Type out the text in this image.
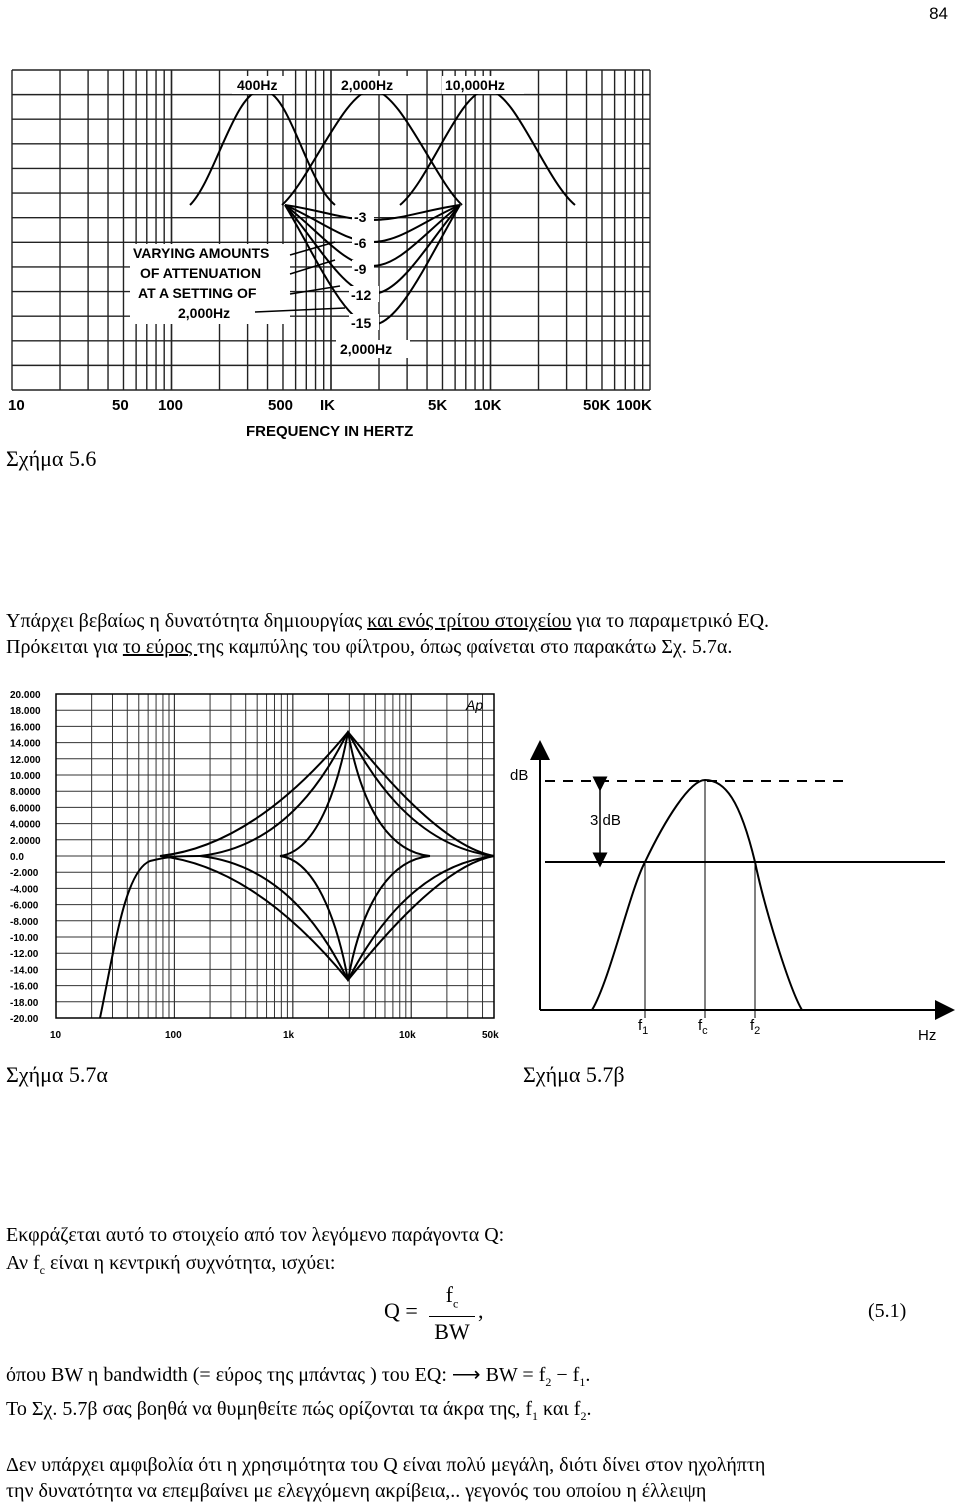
84
400Hz	2,000Hz	10,000Hz
-3
-6
-9
-12
-15
2,000Hz
VARYING AMOUNTS
OF ATTENUATION
AT A SETTING OF
2,000Hz
10	50 100	500 IK	5K 10K	50K 100K
FREQUENCY IN HERTZ
Σχήμα 5.6
Υπάρχει βεβαίως η δυνατότητα δημιουργίας και ενός τρίτου στοιχείου για το παραμετρικό EQ.
Πρόκειται για το εύρος της καμπύλης του φίλτρου, όπως φαίνεται στο παρακάτω Σχ. 5.7α.
20.000
18.000
16.000
14.000
12.000
10.000
8.0000
6.0000
4.0000
2.0000
0.0
-2.000
-4.000
-6.000
-8.000
-10.00
-12.00
-14.00
-16.00
-18.00
-20.00
Ap
10	100	1k	10k	50k
dB
3 dB
$f_1$	$f_c$	$f_2$	Hz
Σχήμα 5.7α	Σχήμα 5.7β
Εκφράζεται αυτό το στοιχείο από τον λεγόμενο παράγοντα Q:
Αν $f_c$ είναι η κεντρική συχνότητα, ισχύει:
$Q = \frac{f_c}{BW}$ ,	(5.1)
όπου BW η bandwidth (= εύρος της μπάντας ) του EQ: ⟶ BW = $f_2 - f_1$.
Το Σχ. 5.7β σας βοηθά να θυμηθείτε πώς ορίζονται τα άκρα της, $f_1$ και $f_2$.
Δεν υπάρχει αμφιβολία ότι η χρησιμότητα του Q είναι πολύ μεγάλη, διότι δίνει στον ηχολήπτη
την δυνατότητα να επεμβαίνει με ελεγχόμενη ακρίβεια,.. γεγονός του οποίου η έλλειψη
